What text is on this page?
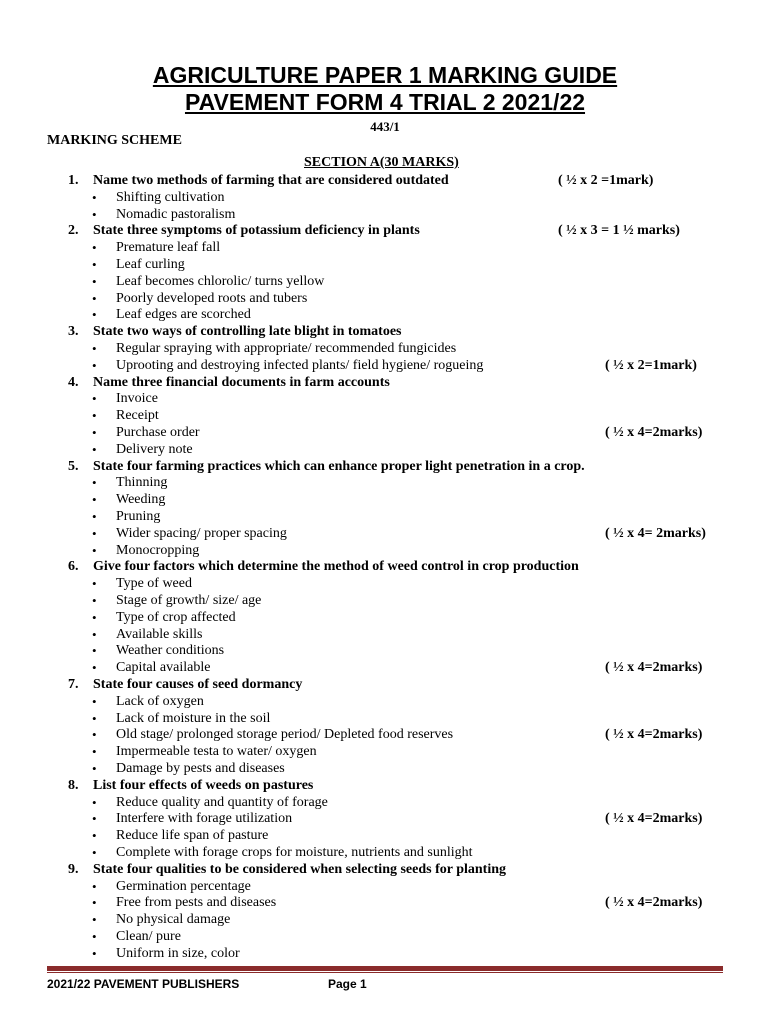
AGRICULTURE PAPER 1 MARKING GUIDE
PAVEMENT FORM 4 TRIAL 2 2021/22
443/1
MARKING SCHEME
SECTION A(30 MARKS)
1. Name two methods of farming that are considered outdated
• Shifting cultivation
• Nomadic pastoralism
( ½ x 2 =1mark)
2. State three symptoms of potassium deficiency in plants
• Premature leaf fall
• Leaf curling
• Leaf becomes chlorolic/ turns yellow
• Poorly developed roots and tubers
• Leaf edges are scorched
( ½ x 3 = 1 ½ marks)
3. State two ways of controlling late blight in tomatoes
• Regular spraying with appropriate/ recommended fungicides
• Uprooting and destroying infected plants/ field hygiene/ rogueing	( ½ x 2=1mark)
4. Name three financial documents in farm accounts
• Invoice
• Receipt
• Purchase order
• Delivery note
( ½ x 4=2marks)
5. State four farming practices which can enhance proper light penetration in a crop.
• Thinning
• Weeding
• Pruning
• Wider spacing/ proper spacing
• Monocropping
( ½ x 4= 2marks)
6. Give four factors which determine the method of weed control in crop production
• Type of weed
• Stage of growth/ size/ age
• Type of crop affected
• Available skills
• Weather conditions
• Capital available	( ½ x 4=2marks)
7. State four causes of seed dormancy
• Lack of oxygen
• Lack of moisture in the soil
• Old stage/ prolonged storage period/ Depleted food reserves
• Impermeable testa to water/ oxygen
• Damage by pests and diseases
( ½ x 4=2marks)
8. List four effects of weeds on pastures
• Reduce quality and quantity of forage
• Interfere with forage utilization
• Reduce life span of pasture
• Complete with forage crops for moisture, nutrients and sunlight
( ½ x 4=2marks)
9. State four qualities to be considered when selecting seeds for planting
• Germination percentage
• Free from pests and diseases
• No physical damage
• Clean/ pure
• Uniform in size, color
( ½ x 4=2marks)
2021/22 PAVEMENT PUBLISHERS	Page 1
